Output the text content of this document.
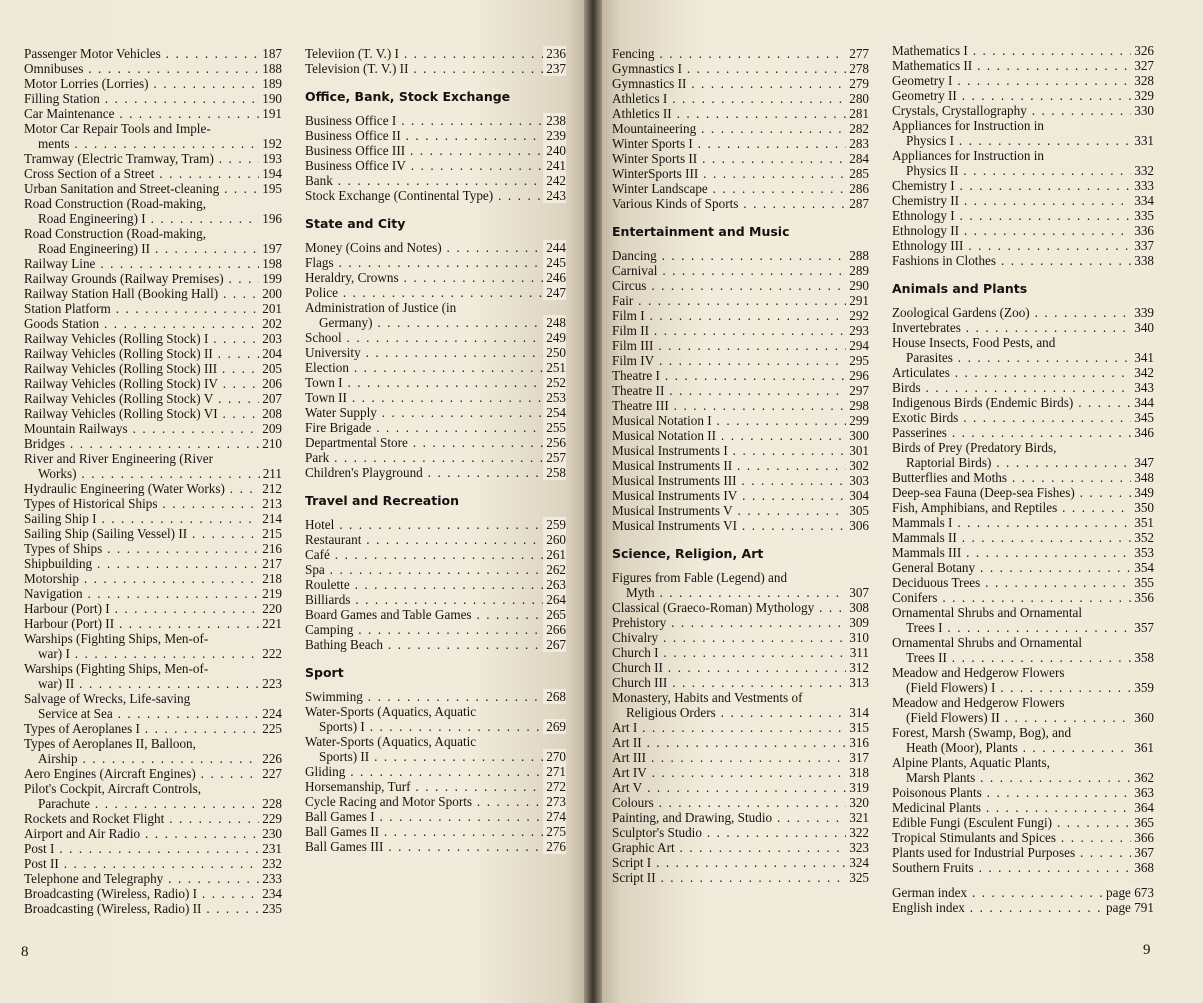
Passenger Motor Vehicles . . .	187
Omnibuses . . .	188
Motor Lorries (Lorries) . . .	189
Filling Station . . .	190
Car Maintenance . . .	191
Motor Car Repair Tools and Imple-
ments . . .	192
Tramway (Electric Tramway, Tram) . . .	193
Cross Section of a Street . . .	194
Urban Sanitation and Street-cleaning . . .	195
Road Construction (Road-making,
Road Engineering) I . . .	196
Road Construction (Road-making,
Road Engineering) II . . .	197
Railway Line . . .	198
Railway Grounds (Railway Premises) . . .	199
Railway Station Hall (Booking Hall) . . .	200
Station Platform . . .	201
Goods Station . . .	202
Railway Vehicles (Rolling Stock) I . . .	203
Railway Vehicles (Rolling Stock) II . . .	204
Railway Vehicles (Rolling Stock) III . . .	205
Railway Vehicles (Rolling Stock) IV . . .	206
Railway Vehicles (Rolling Stock) V . . .	207
Railway Vehicles (Rolling Stock) VI . . .	208
Mountain Railways . . .	209
Bridges . . .	210
River and River Engineering (River
Works) . . .	211
Hydraulic Engineering (Water Works) . . .	212
Types of Historical Ships . . .	213
Sailing Ship I . . .	214
Sailing Ship (Sailing Vessel) II . . .	215
Types of Ships . . .	216
Shipbuilding . . .	217
Motorship . . .	218
Navigation . . .	219
Harbour (Port) I . . .	220
Harbour (Port) II . . .	221
Warships (Fighting Ships, Men-of-
war) I . . .	222
Warships (Fighting Ships, Men-of-
war) II . . .	223
Salvage of Wrecks, Life-saving
Service at Sea . . .	224
Types of Aeroplanes I . . .	225
Types of Aeroplanes II, Balloon,
Airship . . .	226
Aero Engines (Aircraft Engines) . . .	227
Pilot's Cockpit, Aircraft Controls,
Parachute . . .	228
Rockets and Rocket Flight . . .	229
Airport and Air Radio . . .	230
Post I . . .	231
Post II . . .	232
Telephone and Telegraphy . . .	233
Broadcasting (Wireless, Radio) I . . .	234
Broadcasting (Wireless, Radio) II . . .	235
Televiion (T. V.) I . . .	236
Television (T. V.) II . . .	237
Office, Bank, Stock Exchange
Business Office I . . .	238
Business Office II . . .	239
Business Office III . . .	240
Business Office IV . . .	241
Bank . . .	242
Stock Exchange (Continental Type) . . .	243
State and City
Money (Coins and Notes) . . .	244
Flags . . .	245
Heraldry, Crowns . . .	246
Police . . .	247
Administration of Justice (in
Germany) . . .	248
School . . .	249
University . . .	250
Election . . .	251
Town I . . .	252
Town II . . .	253
Water Supply . . .	254
Fire Brigade . . .	255
Departmental Store . . .	256
Park . . .	257
Children's Playground . . .	258
Travel and Recreation
Hotel . . .	259
Restaurant . . .	260
Café . . .	261
Spa . . .	262
Roulette . . .	263
Billiards . . .	264
Board Games and Table Games . . .	265
Camping . . .	266
Bathing Beach . . .	267
Sport
Swimming . . .	268
Water-Sports (Aquatics, Aquatic
Sports) I . . .	269
Water-Sports (Aquatics, Aquatic
Sports) II . . .	270
Gliding . . .	271
Horsemanship, Turf . . .	272
Cycle Racing and Motor Sports . . .	273
Ball Games I . . .	274
Ball Games II . . .	275
Ball Games III . . .	276
Fencing . . .	277
Gymnastics I . . .	278
Gymnastics II . . .	279
Athletics I . . .	280
Athletics II . . .	281
Mountaineering . . .	282
Winter Sports I . . .	283
Winter Sports II . . .	284
WinterSports III . . .	285
Winter Landscape . . .	286
Various Kinds of Sports . . .	287
Entertainment and Music
Dancing . . .	288
Carnival . . .	289
Circus . . .	290
Fair . . .	291
Film I . . .	292
Film II . . .	293
Film III . . .	294
Film IV . . .	295
Theatre I . . .	296
Theatre II . . .	297
Theatre III . . .	298
Musical Notation I . . .	299
Musical Notation II . . .	300
Musical Instruments I . . .	301
Musical Instruments II . . .	302
Musical Instruments III . . .	303
Musical Instruments IV . . .	304
Musical Instruments V . . .	305
Musical Instruments VI . . .	306
Science, Religion, Art
Figures from Fable (Legend) and
Myth . . .	307
Classical (Graeco-Roman) Mythology . . .	308
Prehistory . . .	309
Chivalry . . .	310
Church I . . .	311
Church II . . .	312
Church III . . .	313
Monastery, Habits and Vestments of
Religious Orders . . .	314
Art I . . .	315
Art II . . .	316
Art III . . .	317
Art IV . . .	318
Art V . . .	319
Colours . . .	320
Painting, and Drawing, Studio . . .	321
Sculptor's Studio . . .	322
Graphic Art . . .	323
Script I . . .	324
Script II . . .	325
Mathematics I . . .	326
Mathematics II . . .	327
Geometry I . . .	328
Geometry II . . .	329
Crystals, Crystallography . . .	330
Appliances for Instruction in
Physics I . . .	331
Appliances for Instruction in
Physics II . . .	332
Chemistry I . . .	333
Chemistry II . . .	334
Ethnology I . . .	335
Ethnology II . . .	336
Ethnology III . . .	337
Fashions in Clothes . . .	338
Animals and Plants
Zoological Gardens (Zoo) . . .	339
Invertebrates . . .	340
House Insects, Food Pests, and
Parasites . . .	341
Articulates . . .	342
Birds . . .	343
Indigenous Birds (Endemic Birds) . . .	344
Exotic Birds . . .	345
Passerines . . .	346
Birds of Prey (Predatory Birds,
Raptorial Birds) . . .	347
Butterflies and Moths . . .	348
Deep-sea Fauna (Deep-sea Fishes) . . .	349
Fish, Amphibians, and Reptiles . . .	350
Mammals I . . .	351
Mammals II . . .	352
Mammals III . . .	353
General Botany . . .	354
Deciduous Trees . . .	355
Conifers . . .	356
Ornamental Shrubs and Ornamental
Trees I . . .	357
Ornamental Shrubs and Ornamental
Trees II . . .	358
Meadow and Hedgerow Flowers
(Field Flowers) I . . .	359
Meadow and Hedgerow Flowers
(Field Flowers) II . . .	360
Forest, Marsh (Swamp, Bog), and
Heath (Moor), Plants . . .	361
Alpine Plants, Aquatic Plants,
Marsh Plants . . .	362
Poisonous Plants . . .	363
Medicinal Plants . . .	364
Edible Fungi (Esculent Fungi) . . .	365
Tropical Stimulants and Spices . . .	366
Plants used for Industrial Purposes . . .	367
Southern Fruits . . .	368
German index . . .	page 673
English index . . .	page 791
8	9
